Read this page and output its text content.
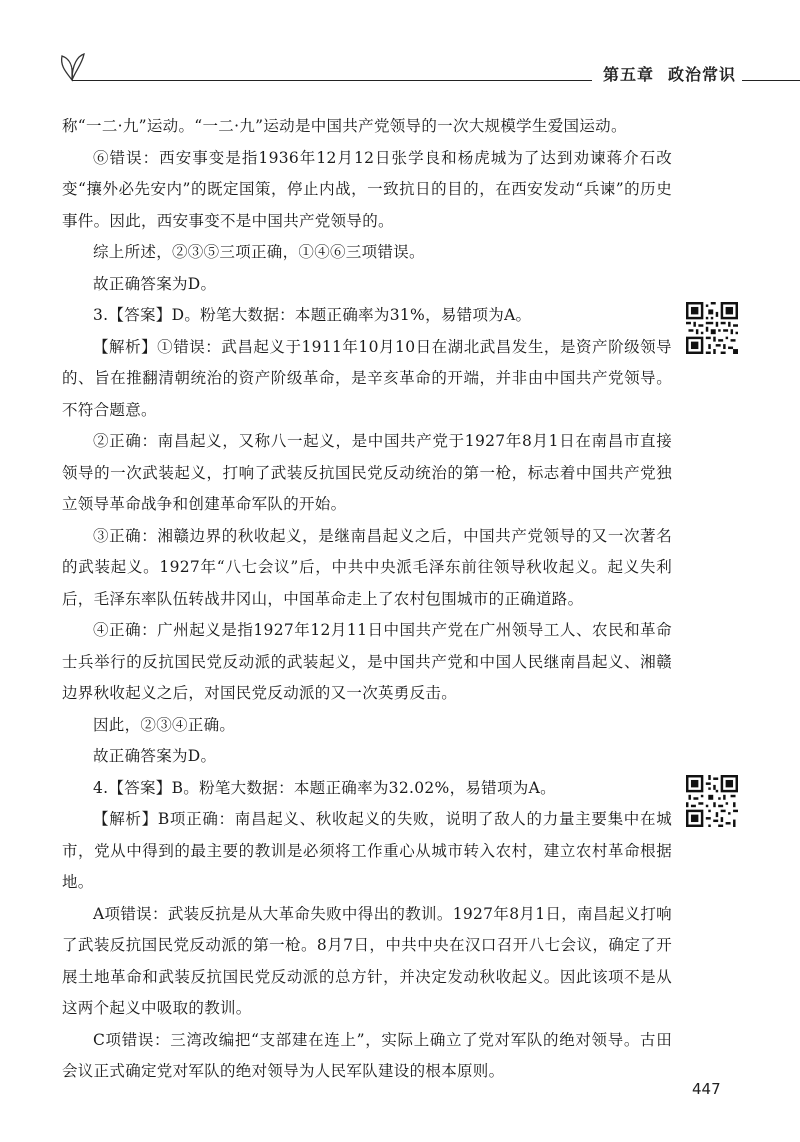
第五章 政治常识

称“一二·九”运动。“一二·九”运动是中国共产党领导的一次大规模学生爱国运动。

⑥错误：西安事变是指1936年12月12日张学良和杨虎城为了达到劝谏蒋介石改变“攘外必先安内”的既定国策，停止内战，一致抗日的目的，在西安发动“兵谏”的历史事件。因此，西安事变不是中国共产党领导的。

综上所述，②③⑤三项正确，①④⑥三项错误。

故正确答案为D。

3.【答案】D。粉笔大数据：本题正确率为31%，易错项为A。

【解析】①错误：武昌起义于1911年10月10日在湖北武昌发生，是资产阶级领导的、旨在推翻清朝统治的资产阶级革命，是辛亥革命的开端，并非由中国共产党领导。不符合题意。

②正确：南昌起义，又称八一起义，是中国共产党于1927年8月1日在南昌市直接领导的一次武装起义，打响了武装反抗国民党反动统治的第一枪，标志着中国共产党独立领导革命战争和创建革命军队的开始。

③正确：湘赣边界的秋收起义，是继南昌起义之后，中国共产党领导的又一次著名的武装起义。1927年“八七会议”后，中共中央派毛泽东前往领导秋收起义。起义失利后，毛泽东率队伍转战井冈山，中国革命走上了农村包围城市的正确道路。

④正确：广州起义是指1927年12月11日中国共产党在广州领导工人、农民和革命士兵举行的反抗国民党反动派的武装起义，是中国共产党和中国人民继南昌起义、湘赣边界秋收起义之后，对国民党反动派的又一次英勇反击。

因此，②③④正确。

故正确答案为D。

4.【答案】B。粉笔大数据：本题正确率为32.02%，易错项为A。

【解析】B项正确：南昌起义、秋收起义的失败，说明了敌人的力量主要集中在城市，党从中得到的最主要的教训是必须将工作重心从城市转入农村，建立农村革命根据地。

A项错误：武装反抗是从大革命失败中得出的教训。1927年8月1日，南昌起义打响了武装反抗国民党反动派的第一枪。8月7日，中共中央在汉口召开八七会议，确定了开展土地革命和武装反抗国民党反动派的总方针，并决定发动秋收起义。因此该项不是从这两个起义中吸取的教训。

C项错误：三湾改编把“支部建在连上”，实际上确立了党对军队的绝对领导。古田会议正式确定党对军队的绝对领导为人民军队建设的根本原则。

447
